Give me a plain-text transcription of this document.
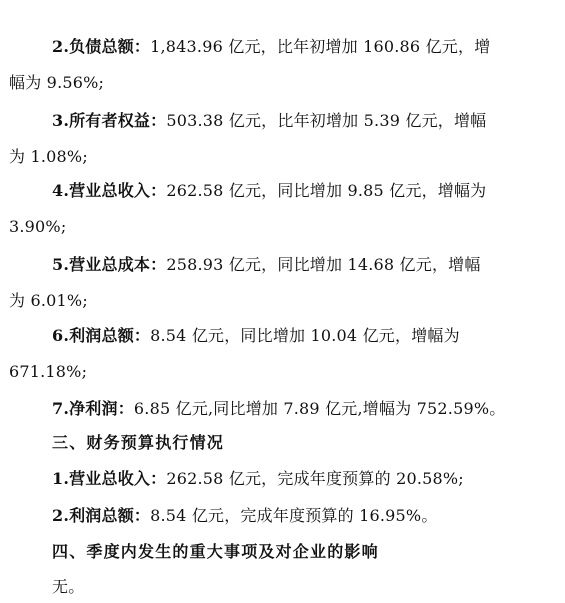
2.负债总额：1,843.96 亿元，比年初增加 160.86 亿元，增
幅为 9.56%;
3.所有者权益：503.38 亿元，比年初增加 5.39 亿元，增幅
为 1.08%;
4.营业总收入：262.58 亿元，同比增加 9.85 亿元，增幅为
3.90%;
5.营业总成本：258.93 亿元，同比增加 14.68 亿元，增幅
为 6.01%;
6.利润总额：8.54 亿元，同比增加 10.04 亿元，增幅为
671.18%;
7.净利润：6.85 亿元,同比增加 7.89 亿元,增幅为 752.59%。
三、财务预算执行情况
1.营业总收入：262.58 亿元，完成年度预算的 20.58%;
2.利润总额：8.54 亿元，完成年度预算的 16.95%。
四、季度内发生的重大事项及对企业的影响
无。
